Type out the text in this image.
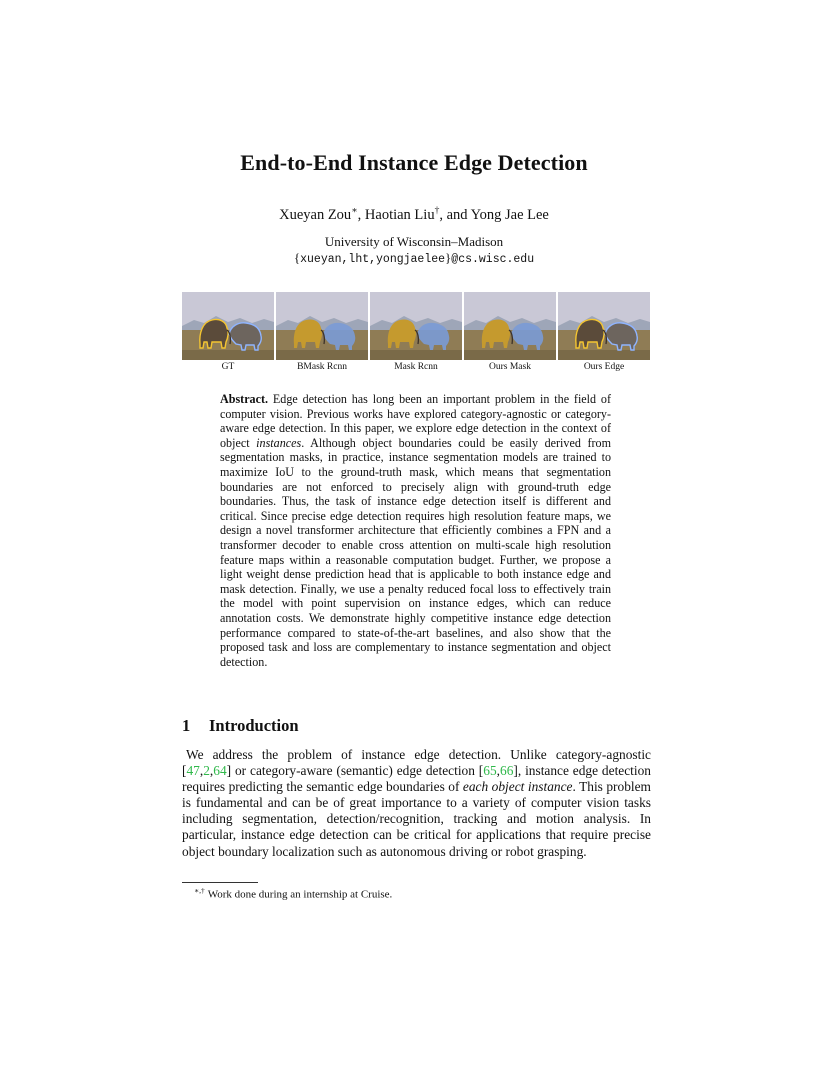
End-to-End Instance Edge Detection
Xueyan Zou∗, Haotian Liu†, and Yong Jae Lee
University of Wisconsin–Madison
{xueyan,lht,yongjaelee}@cs.wisc.edu
GT	BMask Rcnn	Mask Rcnn	Ours Mask	Ours Edge

Abstract. Edge detection has long been an important problem in the field of computer vision. Previous works have explored category-agnostic or category-aware edge detection. In this paper, we explore edge detection in the context of object instances. Although object boundaries could be easily derived from segmentation masks, in practice, instance segmentation models are trained to maximize IoU to the ground-truth mask, which means that segmentation boundaries are not enforced to precisely align with ground-truth edge boundaries. Thus, the task of instance edge detection itself is different and critical. Since precise edge detection requires high resolution feature maps, we design a novel transformer architecture that efficiently combines a FPN and a transformer decoder to enable cross attention on multi-scale high resolution feature maps within a reasonable computation budget. Further, we propose a light weight dense prediction head that is applicable to both instance edge and mask detection. Finally, we use a penalty reduced focal loss to effectively train the model with point supervision on instance edges, which can reduce annotation costs. We demonstrate highly competitive instance edge detection performance compared to state-of-the-art baselines, and also show that the proposed task and loss are complementary to instance segmentation and object detection.

1 Introduction

We address the problem of instance edge detection. Unlike category-agnostic [47,2,64] or category-aware (semantic) edge detection [65,66], instance edge detection requires predicting the semantic edge boundaries of each object instance. This problem is fundamental and can be of great importance to a variety of computer vision tasks including segmentation, detection/recognition, tracking and motion analysis. In particular, instance edge detection can be critical for applications that require precise object boundary localization such as autonomous driving or robot grasping.

∗,† Work done during an internship at Cruise.
